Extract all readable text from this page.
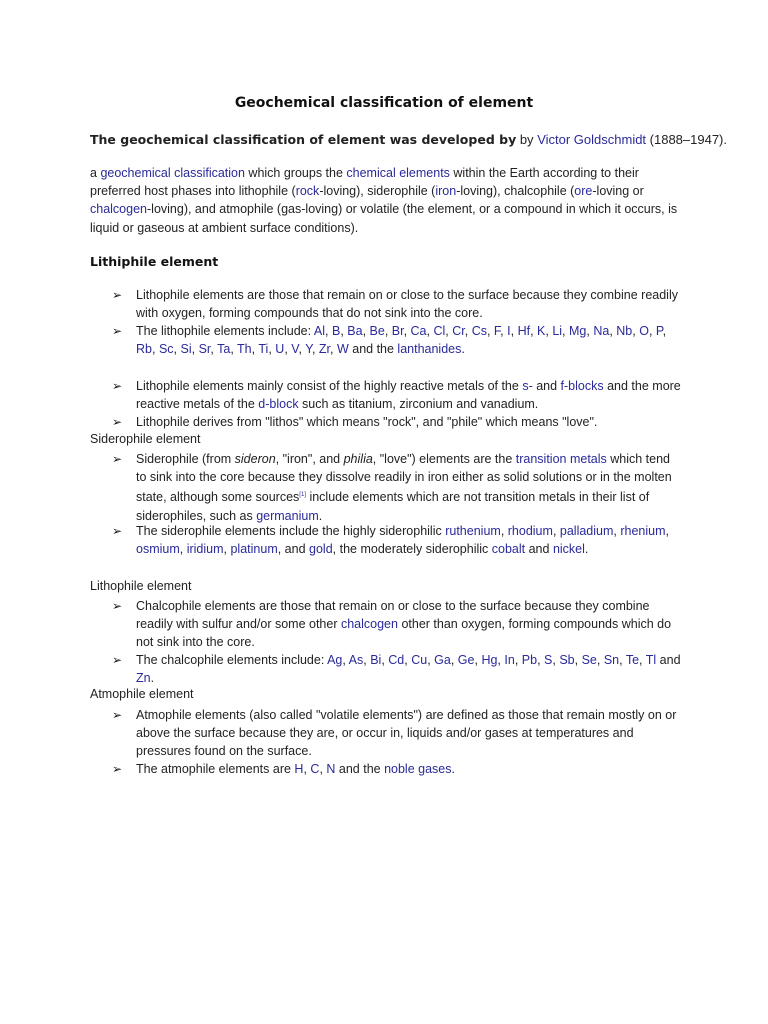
Geochemical classification of element
The geochemical classification of element was developed by by Victor Goldschmidt (1888–1947).
a geochemical classification which groups the chemical elements within the Earth according to their preferred host phases into lithophile (rock-loving), siderophile (iron-loving), chalcophile (ore-loving or chalcogen-loving), and atmophile (gas-loving) or volatile (the element, or a compound in which it occurs, is liquid or gaseous at ambient surface conditions).
Lithiphile element
➢ Lithophile elements are those that remain on or close to the surface because they combine readily with oxygen, forming compounds that do not sink into the core.
➢ The lithophile elements include: Al, B, Ba, Be, Br, Ca, Cl, Cr, Cs, F, I, Hf, K, Li, Mg, Na, Nb, O, P, Rb, Sc, Si, Sr, Ta, Th, Ti, U, V, Y, Zr, W and the lanthanides.
➢ Lithophile elements mainly consist of the highly reactive metals of the s- and f-blocks and the more reactive metals of the d-block such as titanium, zirconium and vanadium.
➢ Lithophile derives from "lithos" which means "rock", and "phile" which means "love".
Siderophile element
➢ Siderophile (from sideron, "iron", and philia, "love") elements are the transition metals which tend to sink into the core because they dissolve readily in iron either as solid solutions or in the molten state, although some sources[1] include elements which are not transition metals in their list of siderophiles, such as germanium.
➢ The siderophile elements include the highly siderophilic ruthenium, rhodium, palladium, rhenium, osmium, iridium, platinum, and gold, the moderately siderophilic cobalt and nickel.
Lithophile element
➢ Chalcophile elements are those that remain on or close to the surface because they combine readily with sulfur and/or some other chalcogen other than oxygen, forming compounds which do not sink into the core.
➢ The chalcophile elements include: Ag, As, Bi, Cd, Cu, Ga, Ge, Hg, In, Pb, S, Sb, Se, Sn, Te, Tl and Zn.
Atmophile element
➢ Atmophile elements (also called "volatile elements") are defined as those that remain mostly on or above the surface because they are, or occur in, liquids and/or gases at temperatures and pressures found on the surface.
➢ The atmophile elements are H, C, N and the noble gases.
